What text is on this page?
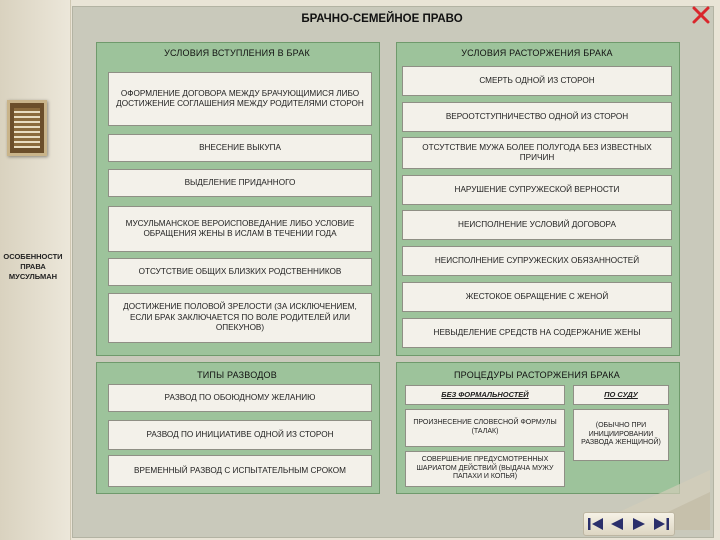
ОСОБЕННОСТИ
ПРАВА
МУСУЛЬМАН
БРАЧНО-СЕМЕЙНОЕ ПРАВО
УСЛОВИЯ ВСТУПЛЕНИЯ В БРАК
ОФОРМЛЕНИЕ ДОГОВОРА МЕЖДУ БРАЧУЮЩИМИСЯ ЛИБО ДОСТИЖЕНИЕ СОГЛАШЕНИЯ МЕЖДУ РОДИТЕЛЯМИ СТОРОН
ВНЕСЕНИЕ ВЫКУПА
ВЫДЕЛЕНИЕ ПРИДАННОГО
МУСУЛЬМАНСКОЕ ВЕРОИСПОВЕДАНИЕ ЛИБО УСЛОВИЕ ОБРАЩЕНИЯ ЖЕНЫ В ИСЛАМ В ТЕЧЕНИИ ГОДА
ОТСУТСТВИЕ ОБЩИХ БЛИЗКИХ РОДСТВЕННИКОВ
ДОСТИЖЕНИЕ ПОЛОВОЙ ЗРЕЛОСТИ (ЗА ИСКЛЮЧЕНИЕМ, ЕСЛИ БРАК ЗАКЛЮЧАЕТСЯ ПО ВОЛЕ РОДИТЕЛЕЙ ИЛИ ОПЕКУНОВ)
УСЛОВИЯ РАСТОРЖЕНИЯ БРАКА
СМЕРТЬ ОДНОЙ ИЗ СТОРОН
ВЕРООТСТУПНИЧЕСТВО ОДНОЙ ИЗ СТОРОН
ОТСУТСТВИЕ МУЖА БОЛЕЕ ПОЛУГОДА БЕЗ ИЗВЕСТНЫХ ПРИЧИН
НАРУШЕНИЕ СУПРУЖЕСКОЙ ВЕРНОСТИ
НЕИСПОЛНЕНИЕ УСЛОВИЙ ДОГОВОРА
НЕИСПОЛНЕНИЕ СУПРУЖЕСКИХ ОБЯЗАННОСТЕЙ
ЖЕСТОКОЕ ОБРАЩЕНИЕ С ЖЕНОЙ
НЕВЫДЕЛЕНИЕ СРЕДСТВ НА СОДЕРЖАНИЕ ЖЕНЫ
ТИПЫ РАЗВОДОВ
РАЗВОД ПО ОБОЮДНОМУ ЖЕЛАНИЮ
РАЗВОД ПО ИНИЦИАТИВЕ ОДНОЙ ИЗ СТОРОН
ВРЕМЕННЫЙ РАЗВОД С ИСПЫТАТЕЛЬНЫМ СРОКОМ
ПРОЦЕДУРЫ РАСТОРЖЕНИЯ БРАКА
БЕЗ ФОРМАЛЬНОСТЕЙ	ПО СУДУ
ПРОИЗНЕСЕНИЕ СЛОВЕСНОЙ ФОРМУЛЫ (ТАЛАК)
СОВЕРШЕНИЕ ПРЕДУСМОТРЕННЫХ ШАРИАТОМ ДЕЙСТВИЙ (ВЫДАЧА МУЖУ ПАПАХИ И КОПЬЯ)
(ОБЫЧНО ПРИ ИНИЦИИРОВАНИИ РАЗВОДА ЖЕНЩИНОЙ)
